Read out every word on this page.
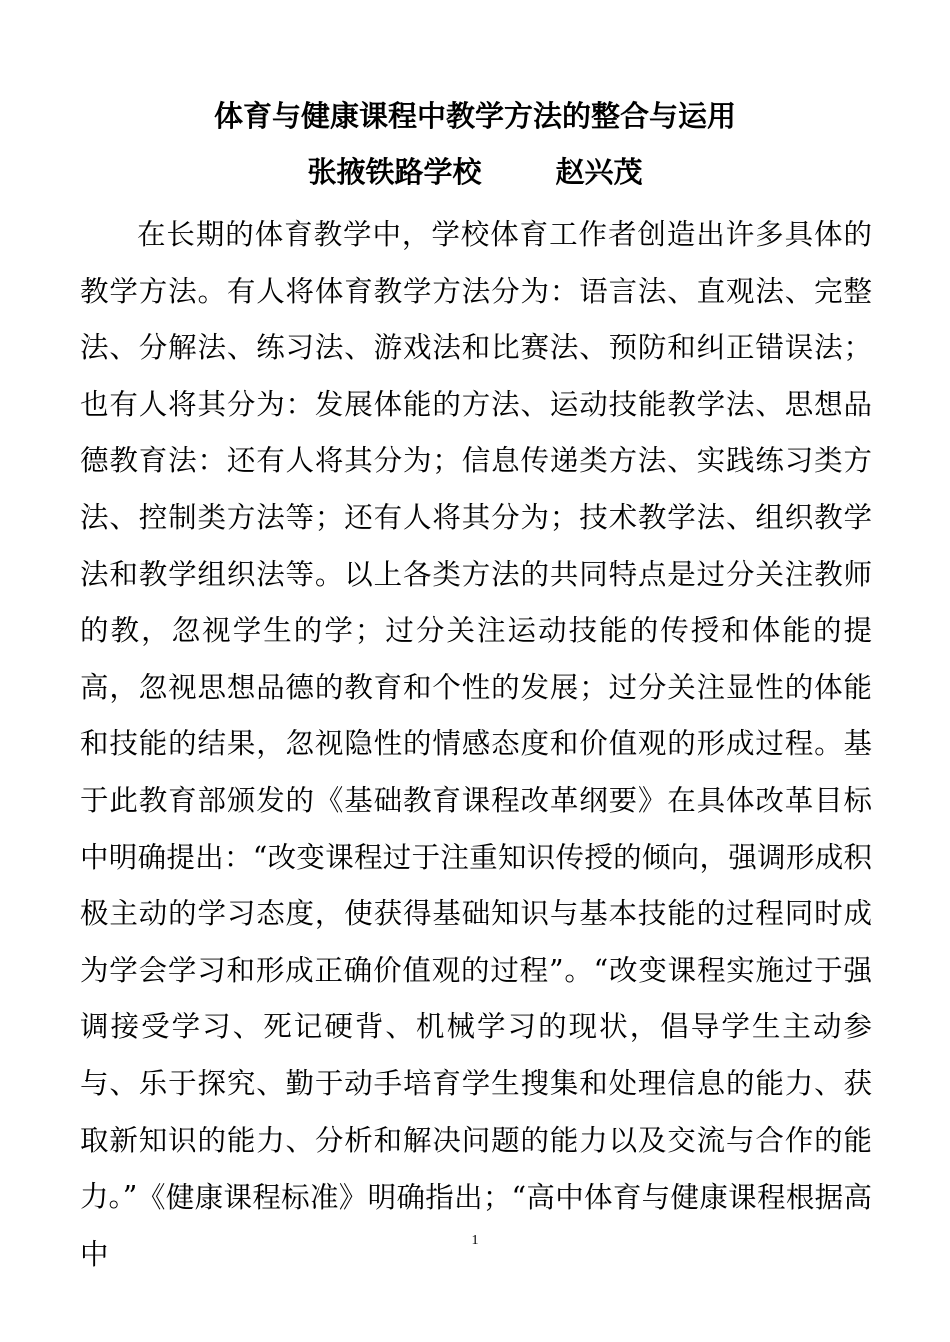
体育与健康课程中教学方法的整合与运用
张掖铁路学校	赵兴茂

在长期的体育教学中，学校体育工作者创造出许多具体的教学方法。有人将体育教学方法分为：语言法、直观法、完整法、分解法、练习法、游戏法和比赛法、预防和纠正错误法；也有人将其分为：发展体能的方法、运动技能教学法、思想品德教育法：还有人将其分为；信息传递类方法、实践练习类方法、控制类方法等；还有人将其分为；技术教学法、组织教学法和教学组织法等。以上各类方法的共同特点是过分关注教师的教，忽视学生的学；过分关注运动技能的传授和体能的提高，忽视思想品德的教育和个性的发展；过分关注显性的体能和技能的结果，忽视隐性的情感态度和价值观的形成过程。基于此教育部颁发的《基础教育课程改革纲要》在具体改革目标中明确提出：“改变课程过于注重知识传授的倾向，强调形成积极主动的学习态度，使获得基础知识与基本技能的过程同时成为学会学习和形成正确价值观的过程”。“改变课程实施过于强调接受学习、死记硬背、机械学习的现状，倡导学生主动参与、乐于探究、勤于动手培育学生搜集和处理信息的能力、获取新知识的能力、分析和解决问题的能力以及交流与合作的能力。” 《健康课程标准》明确指出；“高中体育与健康课程根据高中	1
